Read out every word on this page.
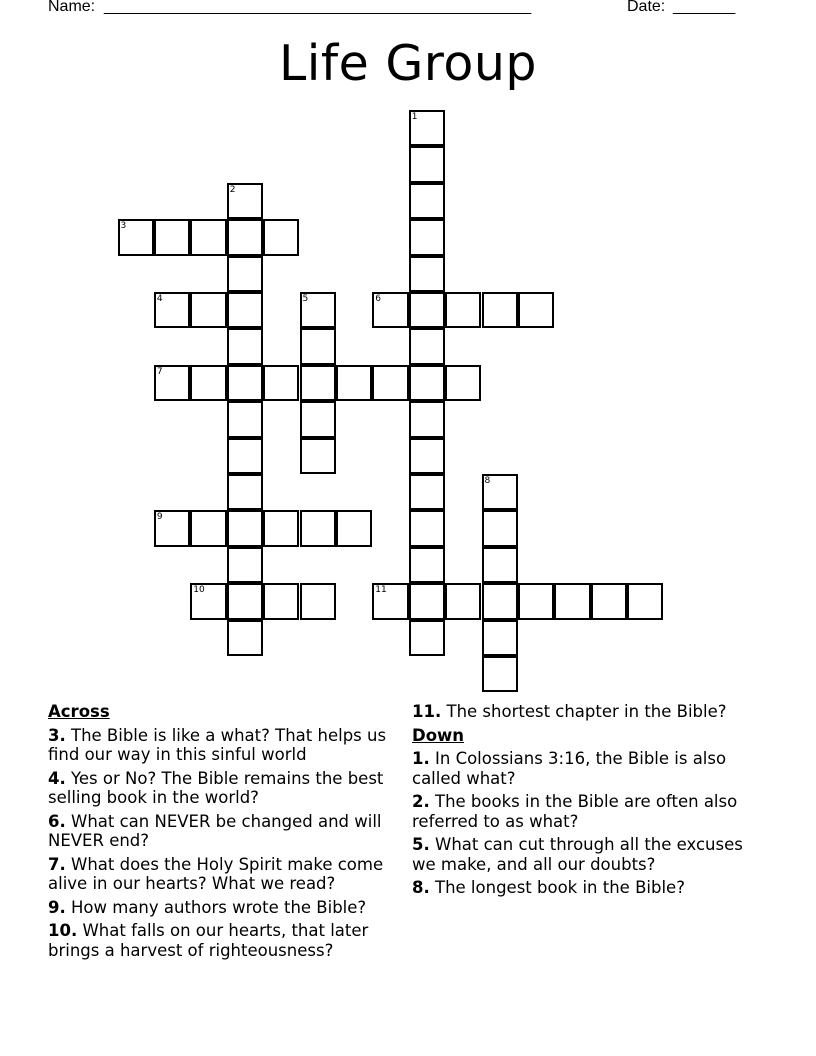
Name: ________________________________________________	Date: _______
Life Group
1
2
3
4	5	6
7
8
9
10	11
Across
3. The Bible is like a what? That helps us find our way in this sinful world
4. Yes or No? The Bible remains the best selling book in the world?
6. What can NEVER be changed and will NEVER end?
7. What does the Holy Spirit make come alive in our hearts? What we read?
9. How many authors wrote the Bible?
10. What falls on our hearts, that later brings a harvest of righteousness?
11. The shortest chapter in the Bible?
Down
1. In Colossians 3:16, the Bible is also called what?
2. The books in the Bible are often also referred to as what?
5. What can cut through all the excuses we make, and all our doubts?
8. The longest book in the Bible?
